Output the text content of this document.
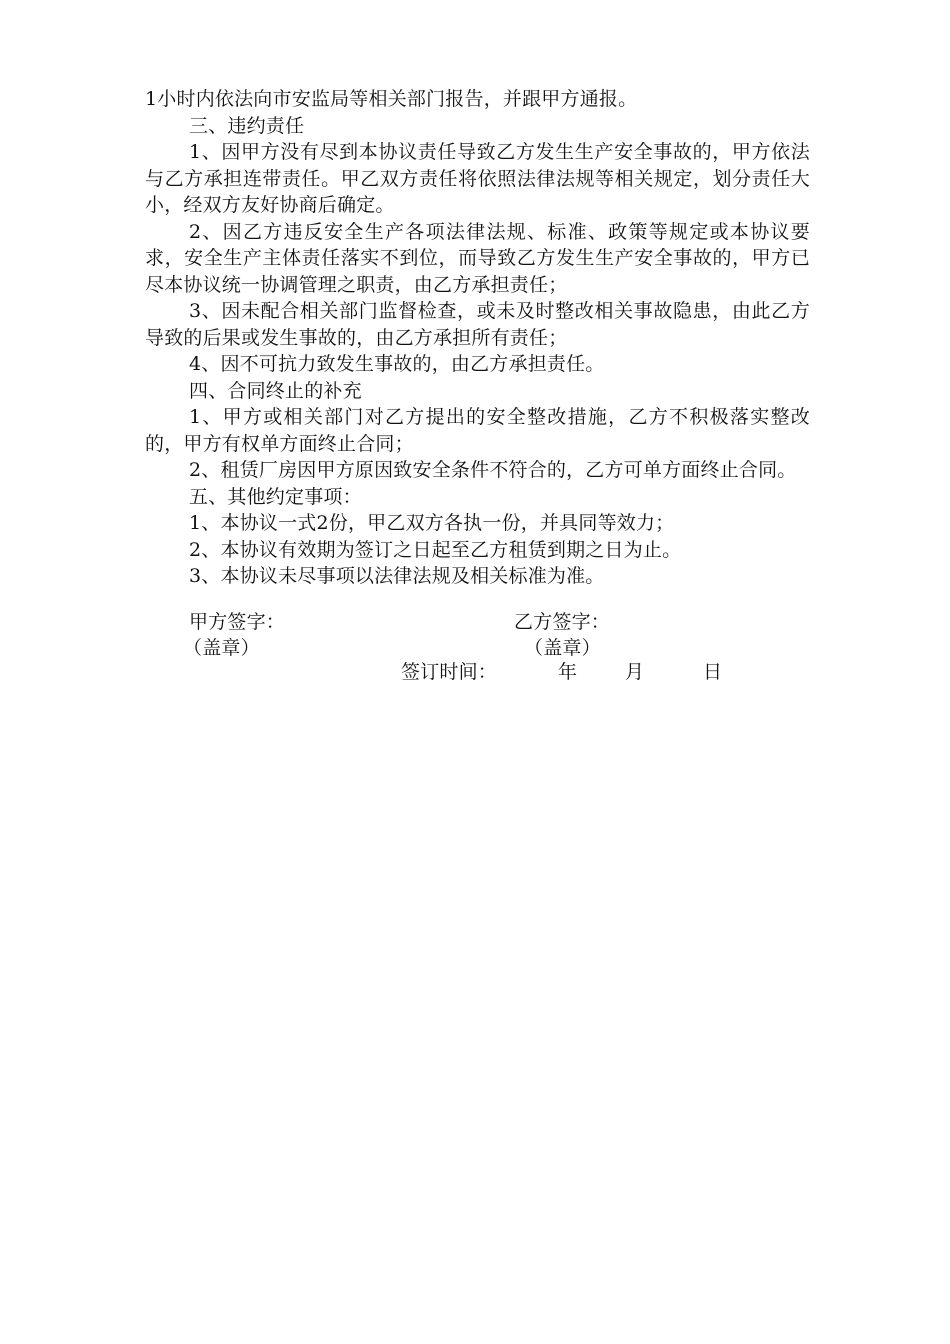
1小时内依法向市安监局等相关部门报告，并跟甲方通报。

三、违约责任

1、因甲方没有尽到本协议责任导致乙方发生生产安全事故的，甲方依法与乙方承担连带责任。甲乙双方责任将依照法律法规等相关规定，划分责任大小，经双方友好协商后确定。

2、因乙方违反安全生产各项法律法规、标准、政策等规定或本协议要求，安全生产主体责任落实不到位，而导致乙方发生生产安全事故的，甲方已尽本协议统一协调管理之职责，由乙方承担责任；

3、因未配合相关部门监督检查，或未及时整改相关事故隐患，由此乙方导致的后果或发生事故的，由乙方承担所有责任；

4、因不可抗力致发生事故的，由乙方承担责任。

四、合同终止的补充

1、甲方或相关部门对乙方提出的安全整改措施，乙方不积极落实整改的，甲方有权单方面终止合同；

2、租赁厂房因甲方原因致安全条件不符合的，乙方可单方面终止合同。

五、其他约定事项：

1、本协议一式2份，甲乙双方各执一份，并具同等效力；

2、本协议有效期为签订之日起至乙方租赁到期之日为止。

3、本协议未尽事项以法律法规及相关标准为准。

甲方签字：
（盖章）
乙方签字：
（盖章）
签订时间：	年	月	日
